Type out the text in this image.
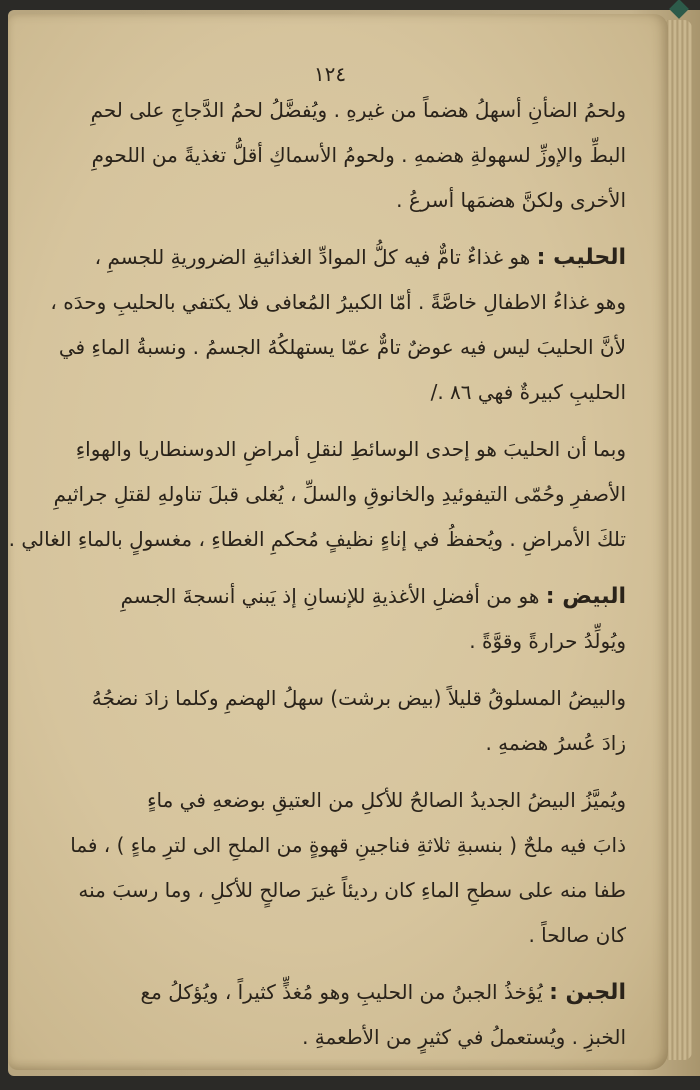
١٢٤
ولحمُ الضأنِ أسهلُ هضماً من غيرهِ . ويُفضَّلُ لحمُ الدَّجاجِ على لحمِ
البطِّ والإوزِّ لسهولةِ هضمهِ . ولحومُ الأسماكِ أقلُّ تغذيةً من اللحومِ
الأخرى ولكنَّ هضمَها أسرعُ .
الحليب : هو غذاءٌ تامٌّ فيه كلُّ الموادِّ الغذائيةِ الضروريةِ للجسمِ ،
وهو غذاءُ الاطفالِ خاصَّةً . أمّا الكبيرُ المُعافى فلا يكتفي بالحليبِ وحدَه ،
لأنَّ الحليبَ ليس فيه عوضٌ تامٌّ عمّا يستهلكُهُ الجسمُ . ونسبةُ الماءِ في
الحليبِ كبيرةٌ فهي ٨٦ ./
وبما أن الحليبَ هو إحدى الوسائطِ لنقلِ أمراضِ الدوسنطاريا والهواءِ
الأصفرِ وحُمّى التيفوئيدِ والخانوقِ والسلِّ ، يُغلى قبلَ تناولهِ لقتلِ جراثيمِ
تلكَ الأمراضِ . ويُحفظُ في إناءٍ نظيفٍ مُحكمِ الغطاءِ ، مغسولٍ بالماءِ الغالي .
البيض : هو من أفضلِ الأغذيةِ للإنسانِ إذ يَبني أنسجةَ الجسمِ
ويُولِّدُ حرارةً وقوَّةً .
والبيضُ المسلوقُ قليلاً (بيض برشت) سهلُ الهضمِ وكلما زادَ نضجُهُ
زادَ عُسرُ هضمهِ .
ويُميَّزُ البيضُ الجديدُ الصالحُ للأكلِ من العتيقِ بوضعهِ في ماءٍ
ذابَ فيه ملحٌ ( بنسبةِ ثلاثةِ فناجينِ قهوةٍ من الملحِ الى لترِ ماءٍ ) ، فما
طفا منه على سطحِ الماءِ كان رديئاً غيرَ صالحٍ للأكلِ ، وما رسبَ منه
كان صالحاً .
الجبن : يُؤخذُ الجبنُ من الحليبِ وهو مُغذٍّ كثيراً ، ويُؤكلُ مع
الخبزِ . ويُستعملُ في كثيرٍ من الأطعمةِ .
